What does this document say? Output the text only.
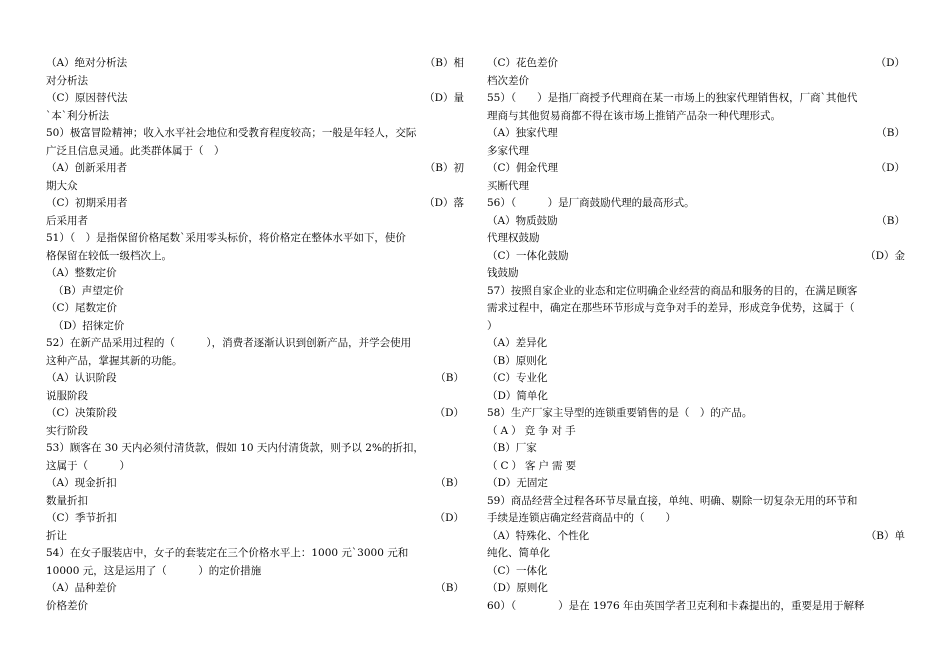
（A）绝对分析法	（B）相
对分析法
（C）原因替代法	（D）量
`本`利分析法
50）极富冒险精神；收入水平社会地位和受教育程度较高；一般是年轻人，交际
广泛且信息灵通。此类群体属于（　）
（A）创新采用者	（B）初
期大众
（C）初期采用者	（D）落
后采用者
51）（　）是指保留价格尾数`采用零头标价，将价格定在整体水平如下，使价
格保留在较低一级档次上。
（A）整数定价
（B）声望定价
（C）尾数定价
（D）招徕定价
52）在新产品采用过程的（　　　），消费者逐渐认识到创新产品，并学会使用
这种产品，掌握其新的功能。
（A）认识阶段	（B）
说服阶段
（C）决策阶段	（D）
实行阶段
53）顾客在 30 天内必须付清货款，假如 10 天内付清货款，则予以 2%的折扣，
这属于（　　　）
（A）现金折扣	（B）
数量折扣
（C）季节折扣	（D）
折让
54）在女子服装店中，女子的套装定在三个价格水平上：1000 元`3000 元和
10000 元，这是运用了（　　　）的定价措施
（A）品种差价	（B）
价格差价
（C）花色差价	（D）
档次差价
55）（　　）是指厂商授予代理商在某一市场上的独家代理销售权，厂商`其他代
理商与其他贸易商都不得在该市场上推销产品杂一种代理形式。
（A）独家代理	（B）
多家代理
（C）佣金代理	（D）
买断代理
56）（　　　）是厂商鼓励代理的最高形式。
（A）物质鼓励	（B）
代理权鼓励
（C）一体化鼓励	（D）金
钱鼓励
57）按照自家企业的业态和定位明确企业经营的商品和服务的目的，在满足顾客
需求过程中，确定在那些环节形成与竞争对手的差异，形成竞争优势，这属于（
）
（A）差异化
（B）原则化
（C）专业化
（D）简单化
58）生产厂家主导型的连锁重要销售的是（　）的产品。
（A）竞争对手
（B）厂家
（C）客户需要
（D）无固定
59）商品经营全过程各环节尽量直接，单纯、明确、剔除一切复杂无用的环节和
手续是连锁店确定经营商品中的（　　）
（A）特殊化、个性化	（B）单
纯化、简单化
（C）一体化
（D）原则化
60）（　　　　）是在 1976 年由英国学者卫克利和卡森提出的，重要是用于解释
